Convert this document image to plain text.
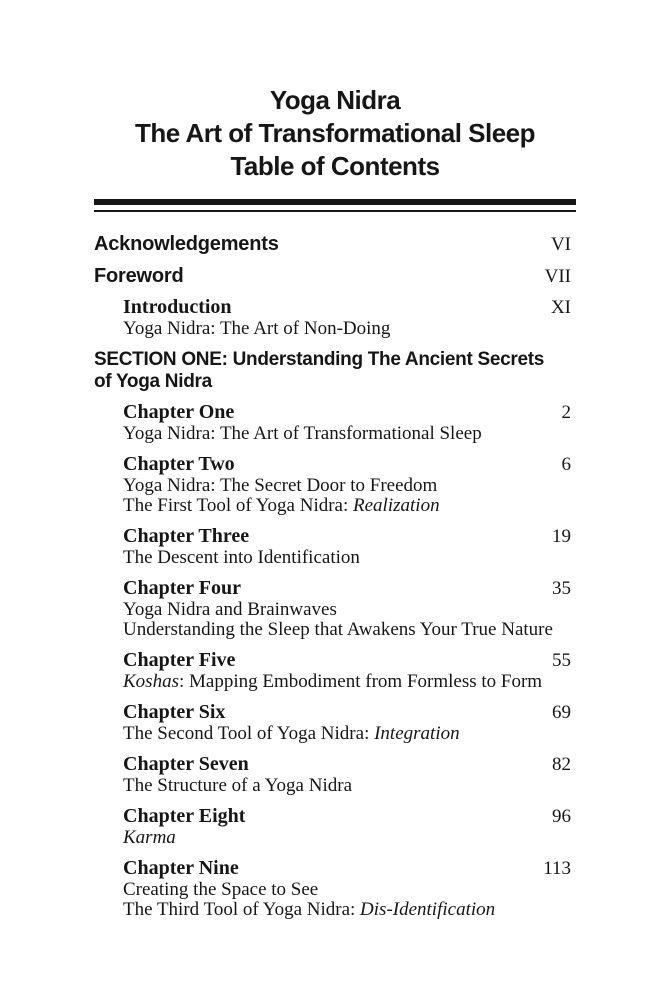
Yoga Nidra
The Art of Transformational Sleep
Table of Contents
Acknowledgements	VI
Foreword	VII
Introduction	XI
Yoga Nidra: The Art of Non-Doing
SECTION ONE: Understanding The Ancient Secrets
of Yoga Nidra
Chapter One	2
Yoga Nidra: The Art of Transformational Sleep
Chapter Two	6
Yoga Nidra: The Secret Door to Freedom
The First Tool of Yoga Nidra: Realization
Chapter Three	19
The Descent into Identification
Chapter Four	35
Yoga Nidra and Brainwaves
Understanding the Sleep that Awakens Your True Nature
Chapter Five	55
Koshas: Mapping Embodiment from Formless to Form
Chapter Six	69
The Second Tool of Yoga Nidra: Integration
Chapter Seven	82
The Structure of a Yoga Nidra
Chapter Eight	96
Karma
Chapter Nine	113
Creating the Space to See
The Third Tool of Yoga Nidra: Dis-Identification
